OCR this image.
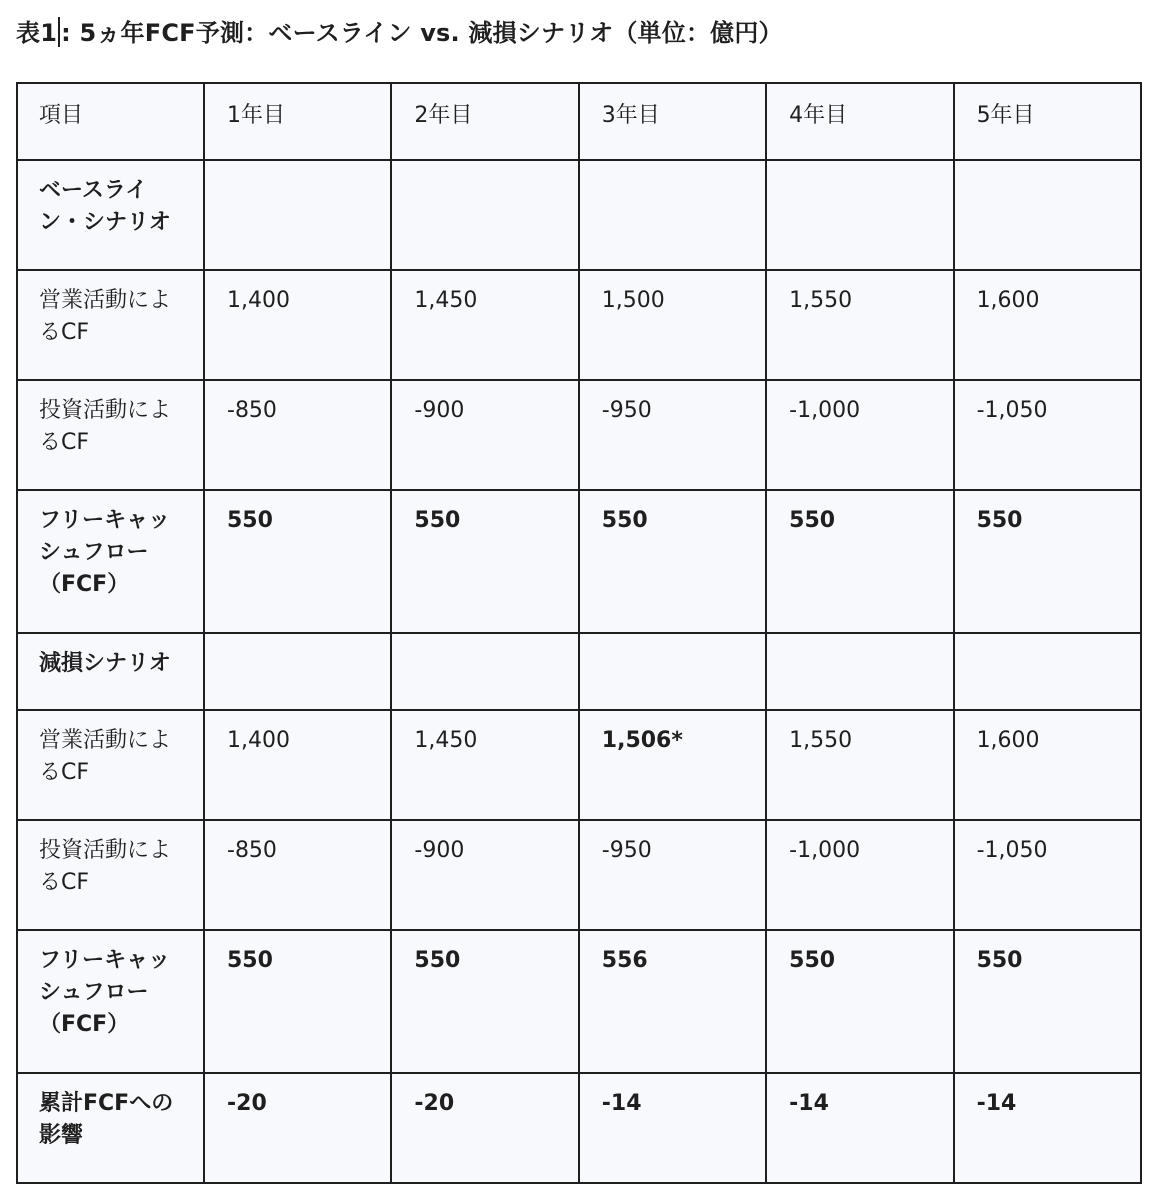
表1 : 5ヵ年FCF予測：ベースライン vs. 減損シナリオ（単位：億円）
項目	1年目	2年目	3年目	4年目	5年目
ベースライン・シナリオ					
営業活動によるCF	1,400	1,450	1,500	1,550	1,600
投資活動によるCF	-850	-900	-950	-1,000	-1,050
フリーキャッシュフロー（FCF）	550	550	550	550	550
減損シナリオ					
営業活動によるCF	1,400	1,450	1,506*	1,550	1,600
投資活動によるCF	-850	-900	-950	-1,000	-1,050
フリーキャッシュフロー（FCF）	550	550	556	550	550
累計FCFへの影響	-20	-20	-14	-14	-14
